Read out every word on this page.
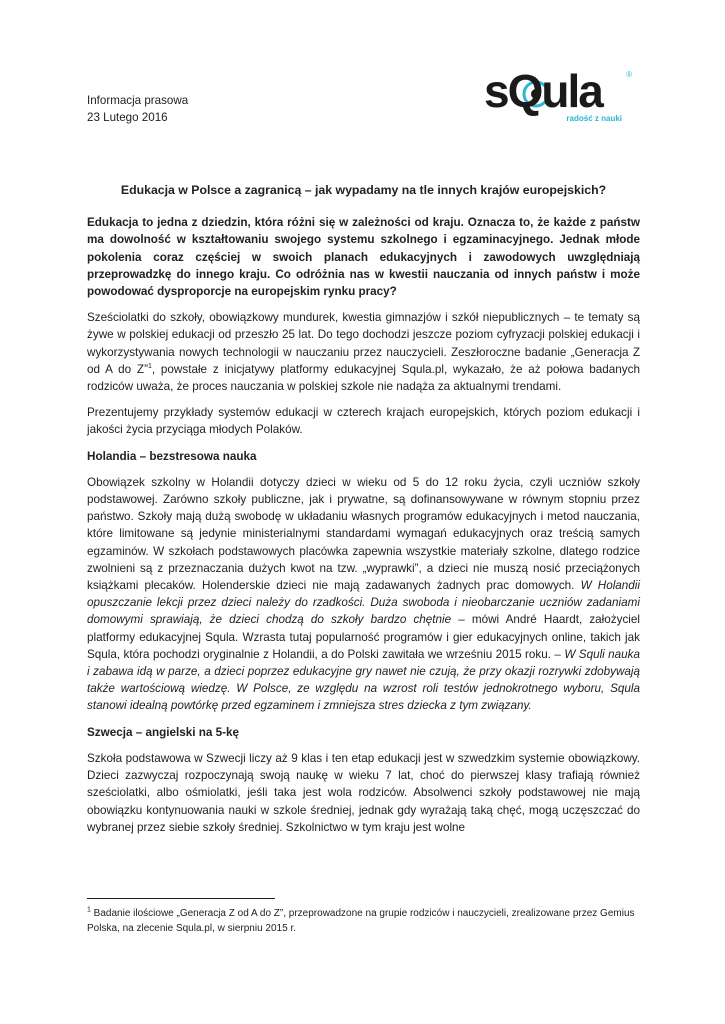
Informacja prasowa
23 Lutego 2016
sQula	®
radość z nauki
Edukacja w Polsce a zagranicą – jak wypadamy na tle innych krajów europejskich?

Edukacja to jedna z dziedzin, która różni się w zależności od kraju. Oznacza to, że każde z państw ma dowolność w kształtowaniu swojego systemu szkolnego i egzaminacyjnego. Jednak młode pokolenia coraz częściej w swoich planach edukacyjnych i zawodowych uwzględniają przeprowadzkę do innego kraju. Co odróżnia nas w kwestii nauczania od innych państw i może powodować dysproporcje na europejskim rynku pracy?

Sześciolatki do szkoły, obowiązkowy mundurek, kwestia gimnazjów i szkół niepublicznych – te tematy są żywe w polskiej edukacji od przeszło 25 lat. Do tego dochodzi jeszcze poziom cyfryzacji polskiej edukacji i wykorzystywania nowych technologii w nauczaniu przez nauczycieli. Zeszłoroczne badanie „Generacja Z od A do Z”$^1$, powstałe z inicjatywy platformy edukacyjnej Squla.pl, wykazało, że aż połowa badanych rodziców uważa, że proces nauczania w polskiej szkole nie nadąża za aktualnymi trendami.

Prezentujemy przykłady systemów edukacji w czterech krajach europejskich, których poziom edukacji i jakości życia przyciąga młodych Polaków.

Holandia – bezstresowa nauka

Obowiązek szkolny w Holandii dotyczy dzieci w wieku od 5 do 12 roku życia, czyli uczniów szkoły podstawowej. Zarówno szkoły publiczne, jak i prywatne, są dofinansowywane w równym stopniu przez państwo. Szkoły mają dużą swobodę w układaniu własnych programów edukacyjnych i metod nauczania, które limitowane są jedynie ministerialnymi standardami wymagań edukacyjnych oraz treścią samych egzaminów. W szkołach podstawowych placówka zapewnia wszystkie materiały szkolne, dlatego rodzice zwolnieni są z przeznaczania dużych kwot na tzw. „wyprawki”, a dzieci nie muszą nosić przeciążonych książkami plecaków. Holenderskie dzieci nie mają zadawanych żadnych prac domowych. W Holandii opuszczanie lekcji przez dzieci należy do rzadkości. Duża swoboda i nieobarczanie uczniów zadaniami domowymi sprawiają, że dzieci chodzą do szkoły bardzo chętnie – mówi André Haardt, założyciel platformy edukacyjnej Squla. Wzrasta tutaj popularność programów i gier edukacyjnych online, takich jak Squla, która pochodzi oryginalnie z Holandii, a do Polski zawitała we wrześniu 2015 roku. – W Squli nauka i zabawa idą w parze, a dzieci poprzez edukacyjne gry nawet nie czują, że przy okazji rozrywki zdobywają także wartościową wiedzę. W Polsce, ze względu na wzrost roli testów jednokrotnego wyboru, Squla stanowi idealną powtórkę przed egzaminem i zmniejsza stres dziecka z tym związany.

Szwecja – angielski na 5-kę

Szkoła podstawowa w Szwecji liczy aż 9 klas i ten etap edukacji jest w szwedzkim systemie obowiązkowy. Dzieci zazwyczaj rozpoczynają swoją naukę w wieku 7 lat, choć do pierwszej klasy trafiają również sześciolatki, albo ośmiolatki, jeśli taka jest wola rodziców. Absolwenci szkoły podstawowej nie mają obowiązku kontynuowania nauki w szkole średniej, jednak gdy wyrażają taką chęć, mogą uczęszczać do wybranej przez siebie szkoły średniej. Szkolnictwo w tym kraju jest wolne

$^1$ Badanie ilościowe „Generacja Z od A do Z”, przeprowadzone na grupie rodziców i nauczycieli, zrealizowane przez Gemius Polska, na zlecenie Squla.pl, w sierpniu 2015 r.
